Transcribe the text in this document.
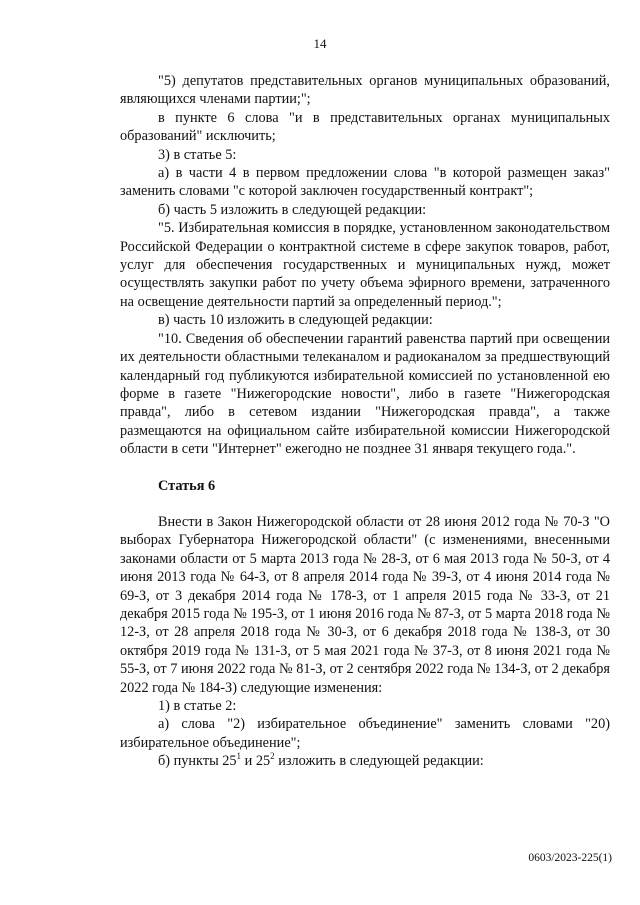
14

"5) депутатов представительных органов муниципальных образований, являющихся членами партии;";

в пункте 6 слова "и в представительных органах муниципальных образований" исключить;

3) в статье 5:

а) в части 4 в первом предложении слова "в которой размещен заказ" заменить словами "с которой заключен государственный контракт";

б) часть 5 изложить в следующей редакции:

"5. Избирательная комиссия в порядке, установленном законодательством Российской Федерации о контрактной системе в сфере закупок товаров, работ, услуг для обеспечения государственных и муниципальных нужд, может осуществлять закупки работ по учету объема эфирного времени, затраченного на освещение деятельности партий за определенный период.";

в) часть 10 изложить в следующей редакции:

"10. Сведения об обеспечении гарантий равенства партий при освещении их деятельности областными телеканалом и радиоканалом за предшествующий календарный год публикуются избирательной комиссией по установленной ею форме в газете "Нижегородские новости", либо в газете "Нижегородская правда", либо в сетевом издании "Нижегородская правда", а также размещаются на официальном сайте избирательной комиссии Нижегородской области в сети "Интернет" ежегодно не позднее 31 января текущего года.".

Статья 6

Внести в Закон Нижегородской области от 28 июня 2012 года № 70-З "О выборах Губернатора Нижегородской области" (с изменениями, внесенными законами области от 5 марта 2013 года № 28-З, от 6 мая 2013 года № 50-З, от 4 июня 2013 года № 64-З, от 8 апреля 2014 года № 39-З, от 4 июня 2014 года № 69-З, от 3 декабря 2014 года № 178-З, от 1 апреля 2015 года № 33-З, от 21 декабря 2015 года № 195-З, от 1 июня 2016 года № 87-З, от 5 марта 2018 года № 12-З, от 28 апреля 2018 года № 30-З, от 6 декабря 2018 года № 138-З, от 30 октября 2019 года № 131-З, от 5 мая 2021 года № 37-З, от 8 июня 2021 года № 55-З, от 7 июня 2022 года № 81-З, от 2 сентября 2022 года № 134-З, от 2 декабря 2022 года № 184-З) следующие изменения:

1) в статье 2:

а) слова "2) избирательное объединение" заменить словами "20) избирательное объединение";

б) пункты $25^1$ и $25^2$ изложить в следующей редакции:

0603/2023-225(1)
